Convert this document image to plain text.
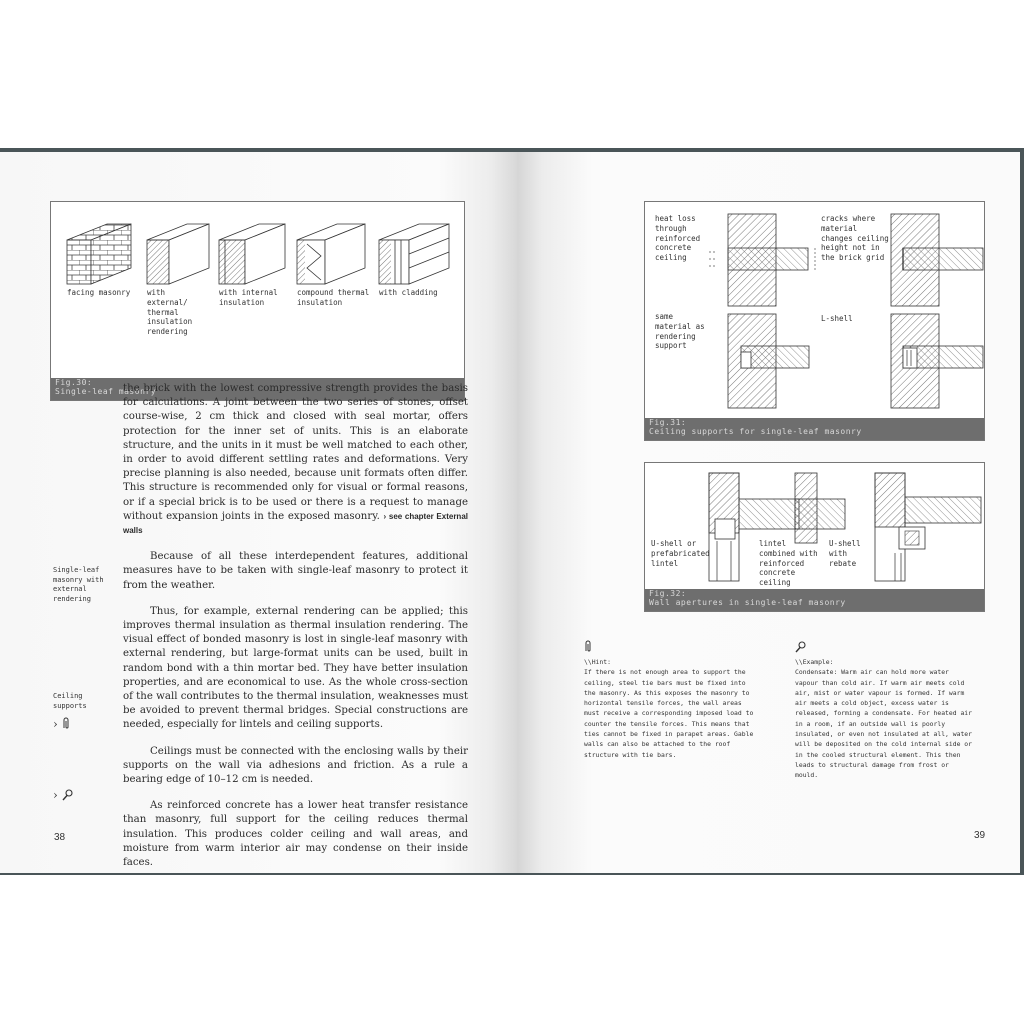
facing masonry	with external/ thermal insulation rendering
with internal insulation
compound thermal insulation
with cladding
Fig.30:
Single-leaf masonry

the brick with the lowest compressive strength provides the basis for calculations. A joint between the two series of stones, offset course-wise, 2 cm thick and closed with seal mortar, offers protection for the inner set of units. This is an elaborate structure, and the units in it must be well matched to each other, in order to avoid different settling rates and deformations. Very precise planning is also needed, because unit formats often differ. This structure is recommended only for visual or formal reasons, or if a special brick is to be used or there is a request to manage without expansion joints in the exposed masonry. › see chapter External walls

Because of all these interdependent features, additional measures have to be taken with single-leaf masonry to protect it from the weather.

Thus, for example, external rendering can be applied; this improves thermal insulation as thermal insulation rendering. The visual effect of bonded masonry is lost in single-leaf masonry with external rendering, but large-format units can be used, built in random bond with a thin mortar bed. They have better insulation properties, and are economical to use. As the whole cross-section of the wall contributes to the thermal insulation, weaknesses must be avoided to prevent thermal bridges. Special constructions are needed, especially for lintels and ceiling supports.

Ceilings must be connected with the enclosing walls by their supports on the wall via adhesions and friction. As a rule a bearing edge of 10–12 cm is needed.

As reinforced concrete has a lower heat transfer resistance than masonry, full support for the ceiling reduces thermal insulation. This produces colder ceiling and wall areas, and moisture from warm interior air may condense on their inside faces.

Single-leaf masonry with external rendering
Ceiling supports
›
›
38
heat loss through reinforced concrete ceiling
cracks where material changes ceiling height not in the brick grid
same material as rendering support
L-shell
Fig.31:
Ceiling supports for single-leaf masonry
U-shell or prefabricated lintel
lintel combined with reinforced concrete ceiling
U-shell with rebate
Fig.32:
Wall apertures in single-leaf masonry
\\Hint:
If there is not enough area to support the ceiling, steel tie bars must be fixed into the masonry. As this exposes the masonry to horizontal tensile forces, the wall areas must receive a corresponding imposed load to counter the tensile forces. This means that ties cannot be fixed in parapet areas. Gable walls can also be attached to the roof structure with tie bars.
\\Example:
Condensate: Warm air can hold more water vapour than cold air. If warm air meets cold air, mist or water vapour is formed. If warm air meets a cold object, excess water is released, forming a condensate. For heated air in a room, if an outside wall is poorly insulated, or even not insulated at all, water will be deposited on the cold internal side or in the cooled structural element. This then leads to structural damage from frost or mould.
39
